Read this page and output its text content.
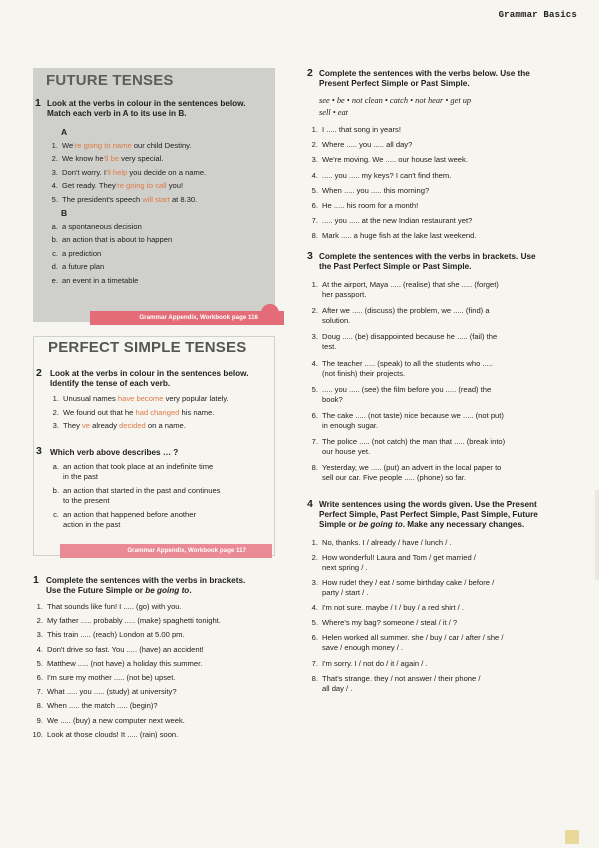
Grammar Basics
FUTURE TENSES
1 Look at the verbs in colour in the sentences below.
Match each verb in A to its use in B.
A
1. We're going to name our child Destiny.
2. We know he'll be very special.
3. Don't worry. I'll help you decide on a name.
4. Get ready. They're going to call you!
5. The president's speech will start at 8.30.
B
a. a spontaneous decision
b. an action that is about to happen
c. a prediction
d. a future plan
e. an event in a timetable
Grammar Appendix, Workbook page 116
PERFECT SIMPLE TENSES
2 Look at the verbs in colour in the sentences below.
Identify the tense of each verb.
1. Unusual names have become very popular lately.
2. We found out that he had changed his name.
3. They ve already decided on a name.
3 Which verb above describes … ?
a. an action that took place at an indefinite time
in the past
b. an action that started in the past and continues
to the present
c. an action that happened before another
action in the past
Grammar Appendix, Workbook page 117
1 Complete the sentences with the verbs in brackets.
Use the Future Simple or be going to.
1. That sounds like fun! I ..... (go) with you.
2. My father ..... probably ..... (make) spaghetti tonight.
3. This train ..... (reach) London at 5.00 pm.
4. Don't drive so fast. You ..... (have) an accident!
5. Matthew ..... (not have) a holiday this summer.
6. I'm sure my mother ..... (not be) upset.
7. What ..... you ..... (study) at university?
8. When ..... the match ..... (begin)?
9. We ..... (buy) a new computer next week.
10. Look at those clouds! It ..... (rain) soon.
2 Complete the sentences with the verbs below. Use the
Present Perfect Simple or Past Simple.
see • be • not clean • catch • not hear • get up
sell • eat
1. I ..... that song in years!
2. Where ..... you ..... all day?
3. We're moving. We ..... our house last week.
4. ..... you ..... my keys? I can't find them.
5. When ..... you ..... this morning?
6. He ..... his room for a month!
7. ..... you ..... at the new Indian restaurant yet?
8. Mark ..... a huge fish at the lake last weekend.
3 Complete the sentences with the verbs in brackets. Use
the Past Perfect Simple or Past Simple.
1. At the airport, Maya ..... (realise) that she ..... (forget)
her passport.
2. After we ..... (discuss) the problem, we ..... (find) a
solution.
3. Doug ..... (be) disappointed because he ..... (fail) the
test.
4. The teacher ..... (speak) to all the students who .....
(not finish) their projects.
5. ..... you ..... (see) the film before you ..... (read) the
book?
6. The cake ..... (not taste) nice because we ..... (not put)
in enough sugar.
7. The police ..... (not catch) the man that ..... (break into)
our house yet.
8. Yesterday, we ..... (put) an advert in the local paper to
sell our car. Five people ..... (phone) so far.
4 Write sentences using the words given. Use the Present
Perfect Simple, Past Perfect Simple, Past Simple, Future
Simple or be going to. Make any necessary changes.
1. No, thanks. I / already / have / lunch / .
2. How wonderful! Laura and Tom / get married /
next spring / .
3. How rude! they / eat / some birthday cake / before /
party / start / .
4. I'm not sure. maybe / I / buy / a red shirt / .
5. Where's my bag? someone / steal / it / ?
6. Helen worked all summer. she / buy / car / after / she /
save / enough money / .
7. I'm sorry. I / not do / it / again / .
8. That's strange. they / not answer / their phone /
all day / .
